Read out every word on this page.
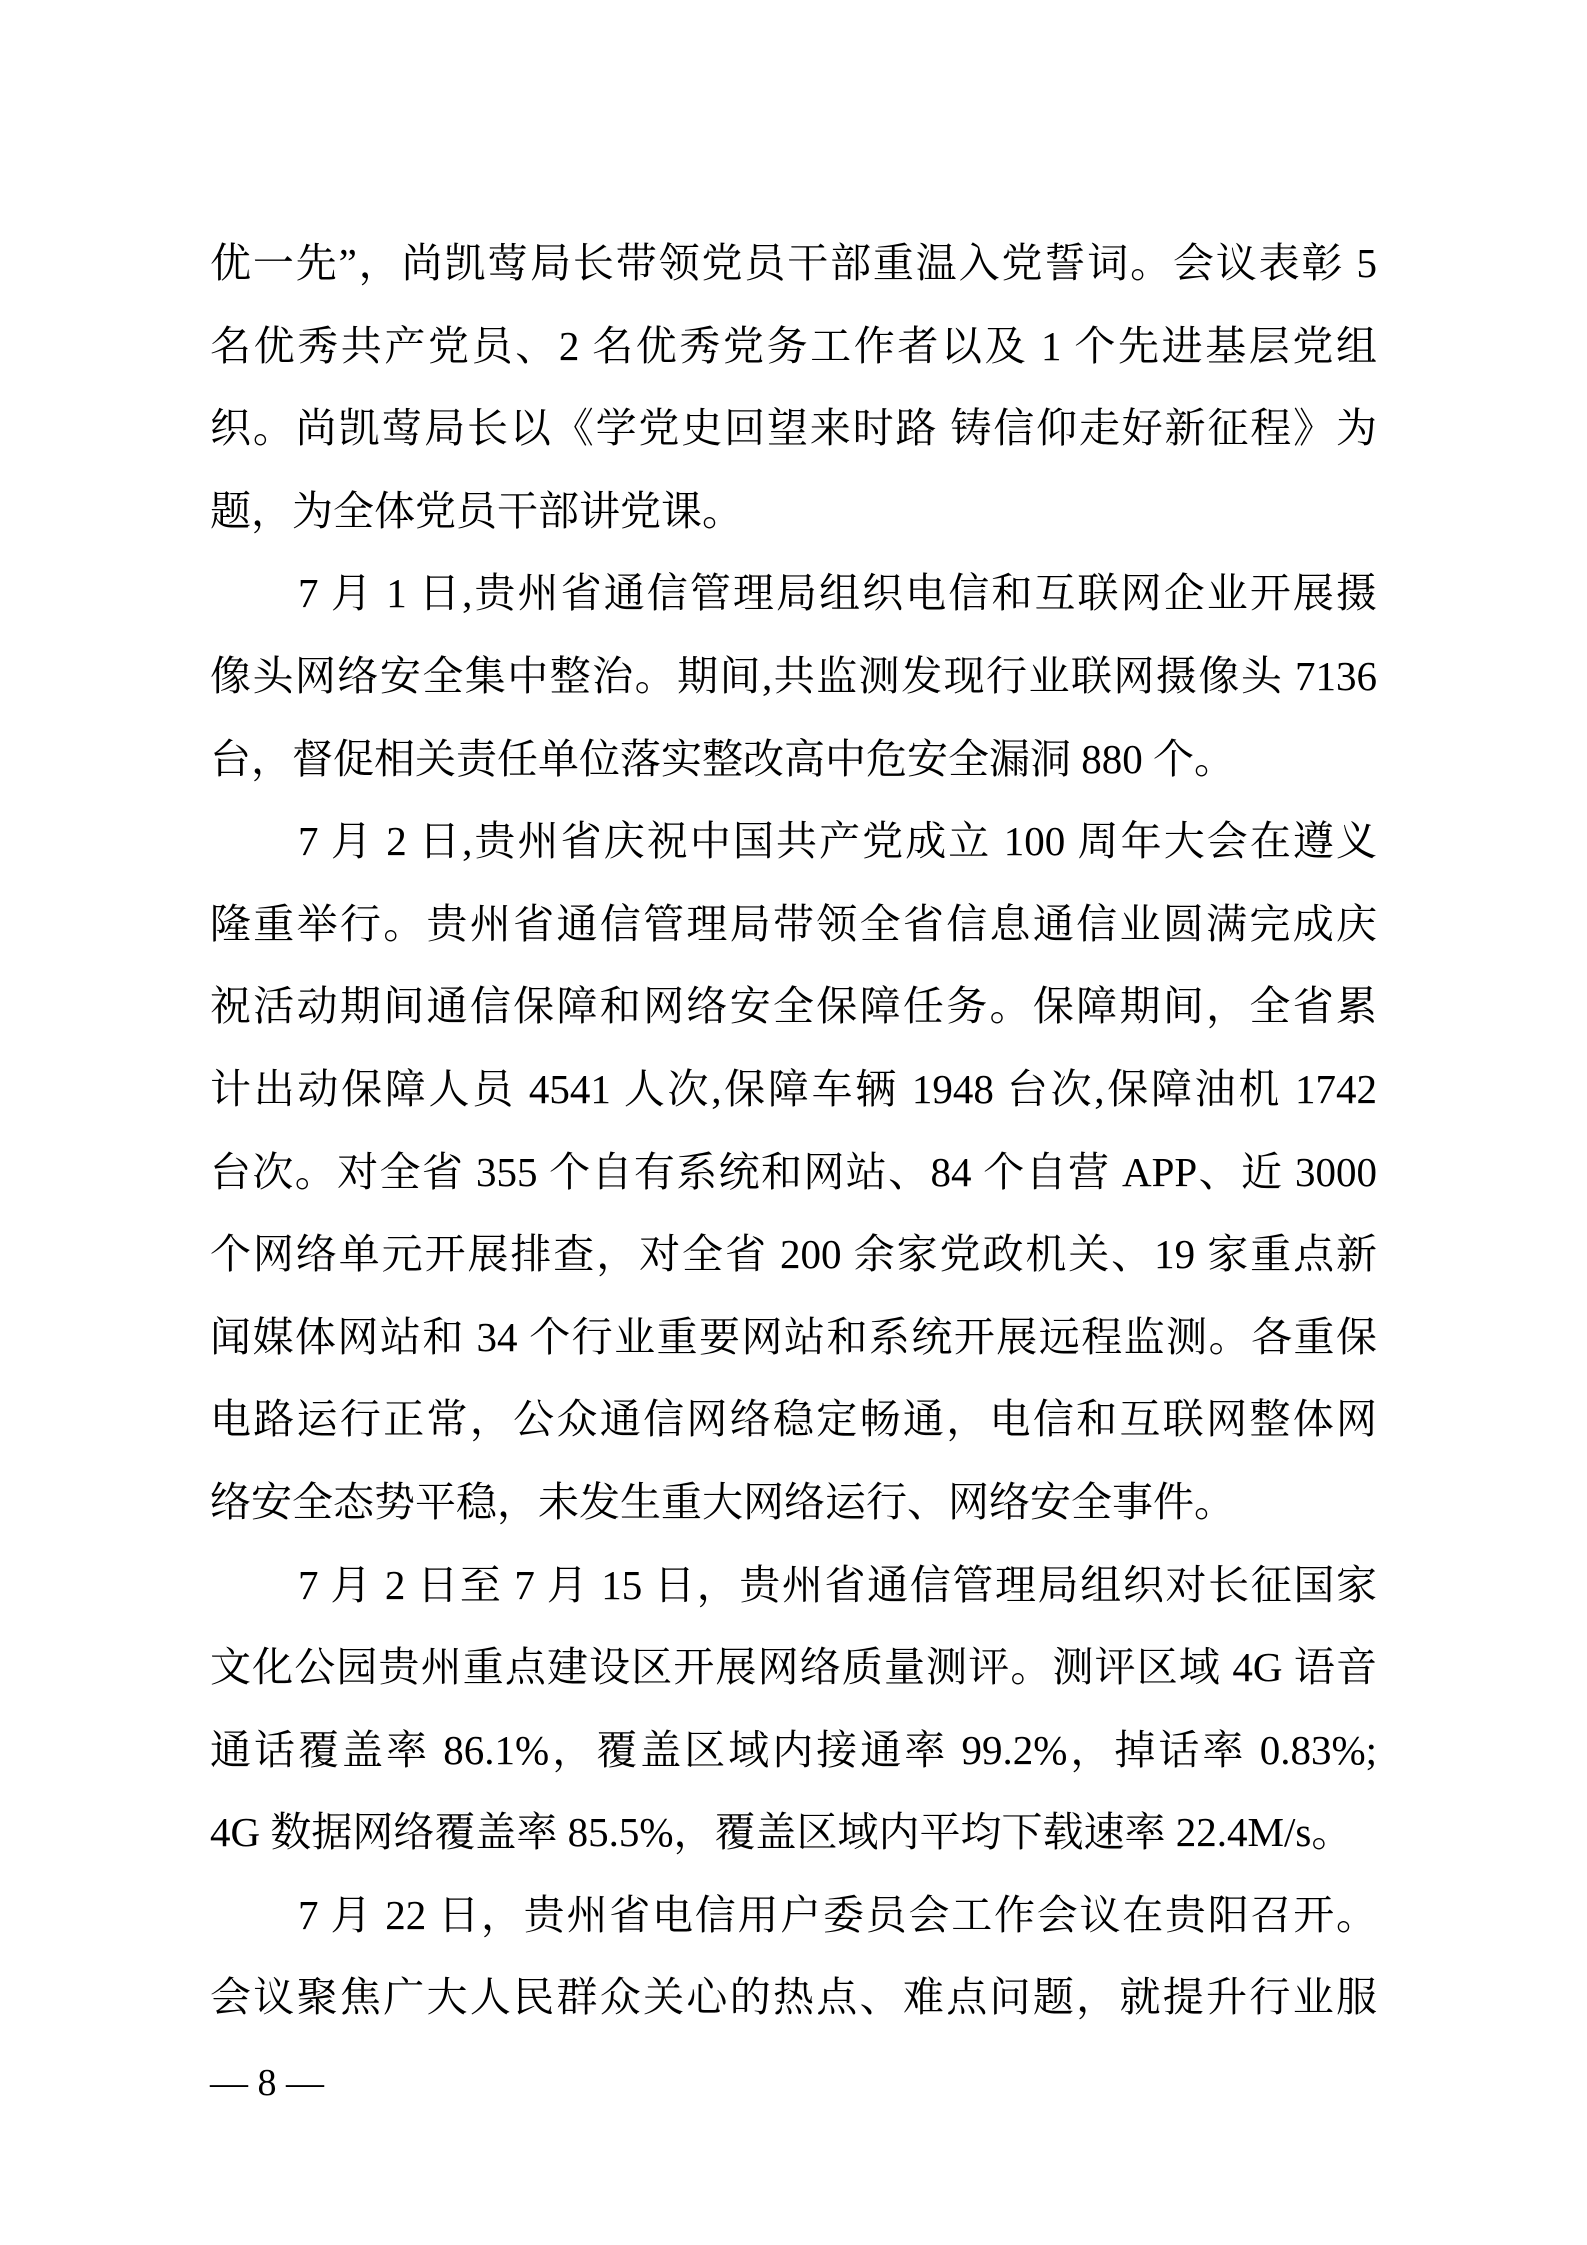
优一先”，尚凯莺局长带领党员干部重温入党誓词。会议表彰 5
名优秀共产党员、2 名优秀党务工作者以及 1 个先进基层党组
织。尚凯莺局长以《学党史回望来时路 铸信仰走好新征程》为
题，为全体党员干部讲党课。
7 月 1 日,贵州省通信管理局组织电信和互联网企业开展摄
像头网络安全集中整治。期间,共监测发现行业联网摄像头 7136
台，督促相关责任单位落实整改高中危安全漏洞 880 个。
7 月 2 日,贵州省庆祝中国共产党成立 100 周年大会在遵义
隆重举行。贵州省通信管理局带领全省信息通信业圆满完成庆
祝活动期间通信保障和网络安全保障任务。保障期间，全省累
计出动保障人员 4541 人次,保障车辆 1948 台次,保障油机 1742
台次。对全省 355 个自有系统和网站、84 个自营 APP、近 3000
个网络单元开展排查，对全省 200 余家党政机关、19 家重点新
闻媒体网站和 34 个行业重要网站和系统开展远程监测。各重保
电路运行正常，公众通信网络稳定畅通，电信和互联网整体网
络安全态势平稳，未发生重大网络运行、网络安全事件。
7 月 2 日至 7 月 15 日，贵州省通信管理局组织对长征国家
文化公园贵州重点建设区开展网络质量测评。测评区域 4G 语音
通话覆盖率 86.1%，覆盖区域内接通率 99.2%，掉话率 0.83%;
4G 数据网络覆盖率 85.5%，覆盖区域内平均下载速率 22.4M/s。
7 月 22 日，贵州省电信用户委员会工作会议在贵阳召开。
会议聚焦广大人民群众关心的热点、难点问题，就提升行业服
— 8 —
